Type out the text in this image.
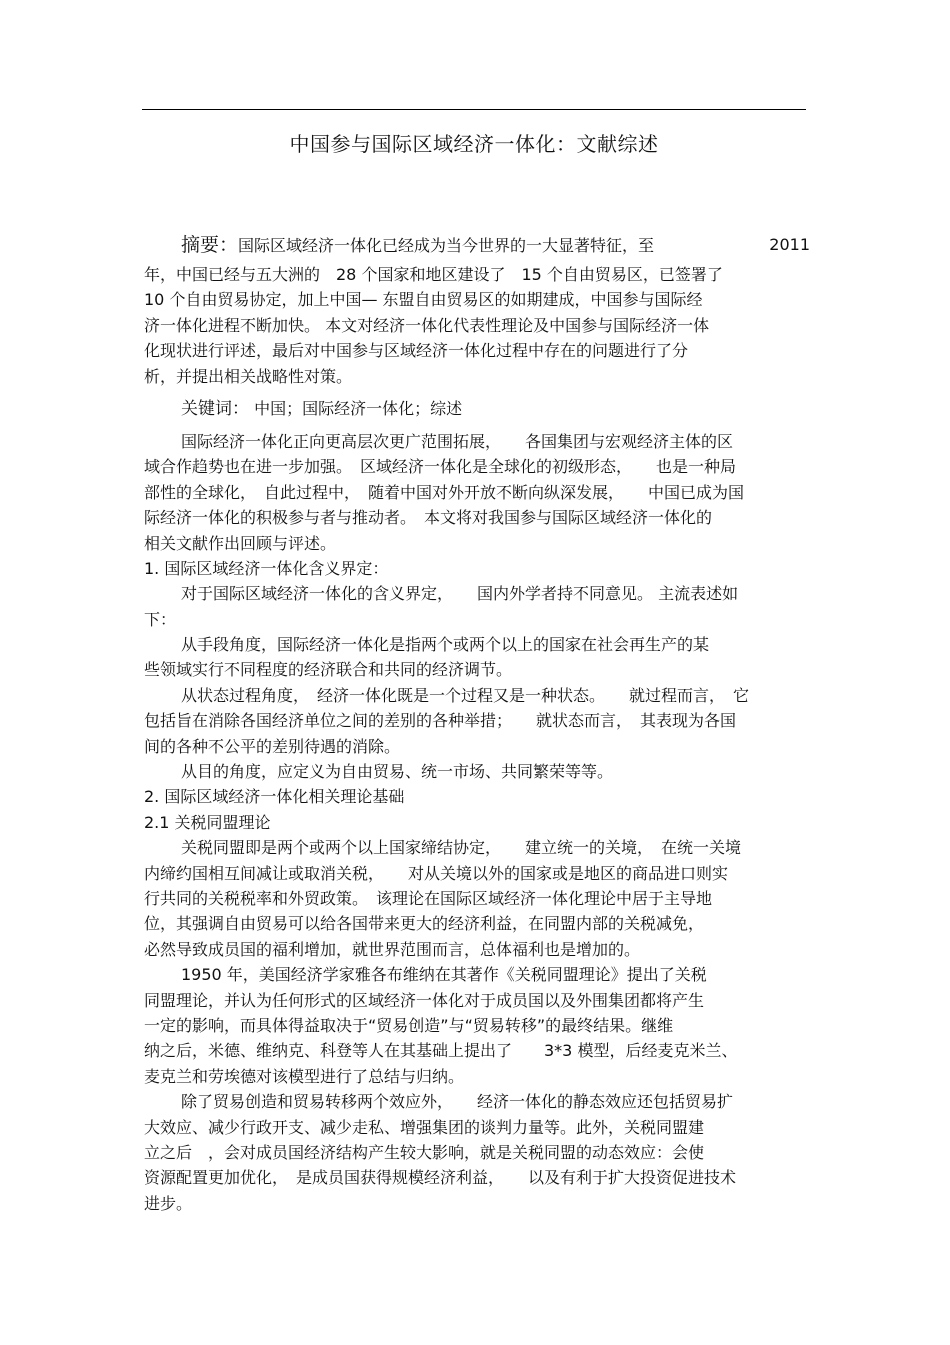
中国参与国际区域经济一体化：文献综述
摘要：国际区域经济一体化已经成为当今世界的一大显著特征，至	2011
年，中国已经与五大洲的　28 个国家和地区建设了　15 个自由贸易区，已签署了
10 个自由贸易协定，加上中国— 东盟自由贸易区的如期建成，中国参与国际经
济一体化进程不断加快。 本文对经济一体化代表性理论及中国参与国际经济一体
化现状进行评述，最后对中国参与区域经济一体化过程中存在的问题进行了分
析，并提出相关战略性对策。
关键词： 中国；国际经济一体化；综述
国际经济一体化正向更高层次更广范围拓展，　　各国集团与宏观经济主体的区
域合作趋势也在进一步加强。　区域经济一体化是全球化的初级形态，　　也是一种局
部性的全球化，　自此过程中，　随着中国对外开放不断向纵深发展，　　中国已成为国
际经济一体化的积极参与者与推动者。　本文将对我国参与国际区域经济一体化的
相关文献作出回顾与评述。
1. 国际区域经济一体化含义界定：
对于国际区域经济一体化的含义界定，　　国内外学者持不同意见。 主流表述如
下：
从手段角度，国际经济一体化是指两个或两个以上的国家在社会再生产的某
些领域实行不同程度的经济联合和共同的经济调节。
从状态过程角度，　经济一体化既是一个过程又是一种状态。　　就过程而言，　它
包括旨在消除各国经济单位之间的差别的各种举措；　　就状态而言，　其表现为各国
间的各种不公平的差别待遇的消除。
从目的角度，应定义为自由贸易、统一市场、共同繁荣等等。
2. 国际区域经济一体化相关理论基础
2.1 关税同盟理论
关税同盟即是两个或两个以上国家缔结协定，　　建立统一的关境，　在统一关境
内缔约国相互间减让或取消关税，　　对从关境以外的国家或是地区的商品进口则实
行共同的关税税率和外贸政策。　该理论在国际区域经济一体化理论中居于主导地
位，其强调自由贸易可以给各国带来更大的经济利益，在同盟内部的关税减免，
必然导致成员国的福利增加，就世界范围而言，总体福利也是增加的。
1950 年，美国经济学家雅各布维纳在其著作《关税同盟理论》提出了关税
同盟理论，并认为任何形式的区域经济一体化对于成员国以及外围集团都将产生
一定的影响，而具体得益取决于“贸易创造”与“贸易转移”的最终结果。继维
纳之后，米德、维纳克、科登等人在其基础上提出了　　3*3 模型，后经麦克米兰、
麦克兰和劳埃德对该模型进行了总结与归纳。
除了贸易创造和贸易转移两个效应外，　　经济一体化的静态效应还包括贸易扩
大效应、减少行政开支、减少走私、增强集团的谈判力量等。此外，关税同盟建
立之后　，会对成员国经济结构产生较大影响，就是关税同盟的动态效应：会使
资源配置更加优化，　是成员国获得规模经济利益，　　以及有利于扩大投资促进技术
进步。
